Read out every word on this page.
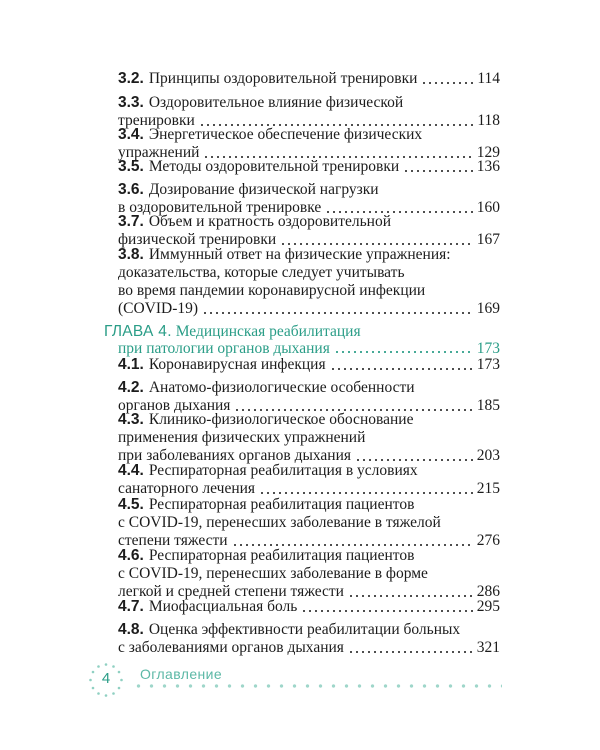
3.2. Принципы оздоровительной тренировки	114
3.3. Оздоровительное влияние физической
тренировки	118
3.4. Энергетическое обеспечение физических
упражнений	129
3.5. Методы оздоровительной тренировки	136
3.6. Дозирование физической нагрузки
в оздоровительной тренировке	160
3.7. Объем и кратность оздоровительной
физической тренировки	167
3.8. Иммунный ответ на физические упражнения:
доказательства, которые следует учитывать
во время пандемии коронавирусной инфекции
(COVID-19)	169
ГЛАВА 4. Медицинская реабилитация
при патологии органов дыхания	173
4.1. Коронавирусная инфекция	173
4.2. Анатомо-физиологические особенности
органов дыхания	185
4.3. Клинико-физиологическое обоснование
применения физических упражнений
при заболеваниях органов дыхания	203
4.4. Респираторная реабилитация в условиях
санаторного лечения	215
4.5. Респираторная реабилитация пациентов
с COVID-19, перенесших заболевание в тяжелой
степени тяжести	276
4.6. Респираторная реабилитация пациентов
с COVID-19, перенесших заболевание в форме
легкой и средней степени тяжести	286
4.7. Миофасциальная боль	295
4.8. Оценка эффективности реабилитации больных
с заболеваниями органов дыхания	321
4	Оглавление
